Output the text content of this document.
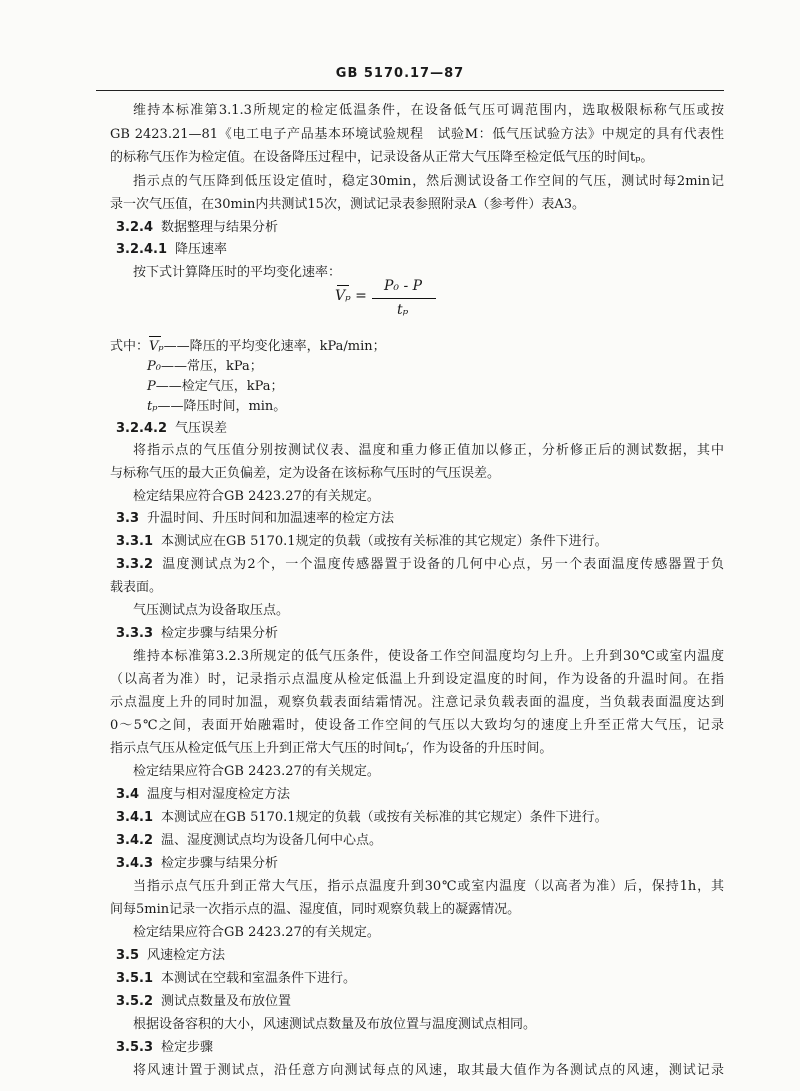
GB 5170.17—87
维持本标准第3.1.3所规定的检定低温条件，在设备低气压可调范围内，选取极限标称气压或按
GB 2423.21—81《电工电子产品基本环境试验规程　试验M：低气压试验方法》中规定的具有代表性
的标称气压作为检定值。在设备降压过程中，记录设备从正常大气压降至检定低气压的时间tₚ。
指示点的气压降到低压设定值时，稳定30min，然后测试设备工作空间的气压，测试时每2min记
录一次气压值，在30min内共测试15次，测试记录表参照附录A（参考件）表A3。
3.2.4 数据整理与结果分析
3.2.4.1 降压速率
按下式计算降压时的平均变化速率：
Vₚ =
P₀ - P
tₚ
式中：Vₚ——降压的平均变化速率，kPa/min；
P₀——常压，kPa；
P——检定气压，kPa；
tₚ——降压时间，min。
3.2.4.2 气压误差
将指示点的气压值分别按测试仪表、温度和重力修正值加以修正，分析修正后的测试数据，其中
与标称气压的最大正负偏差，定为设备在该标称气压时的气压误差。
检定结果应符合GB 2423.27的有关规定。
3.3 升温时间、升压时间和加温速率的检定方法
3.3.1 本测试应在GB 5170.1规定的负载（或按有关标准的其它规定）条件下进行。
3.3.2 温度测试点为2个，一个温度传感器置于设备的几何中心点，另一个表面温度传感器置于负
载表面。
气压测试点为设备取压点。
3.3.3 检定步骤与结果分析
维持本标准第3.2.3所规定的低气压条件，使设备工作空间温度均匀上升。上升到30℃或室内温度
（以高者为准）时，记录指示点温度从检定低温上升到设定温度的时间，作为设备的升温时间。在指
示点温度上升的同时加温，观察负载表面结霜情况。注意记录负载表面的温度，当负载表面温度达到
0～5℃之间，表面开始融霜时，使设备工作空间的气压以大致均匀的速度上升至正常大气压，记录
指示点气压从检定低气压上升到正常大气压的时间tₚ′，作为设备的升压时间。
检定结果应符合GB 2423.27的有关规定。
3.4 温度与相对湿度检定方法
3.4.1 本测试应在GB 5170.1规定的负载（或按有关标准的其它规定）条件下进行。
3.4.2 温、湿度测试点均为设备几何中心点。
3.4.3 检定步骤与结果分析
当指示点气压升到正常大气压，指示点温度升到30℃或室内温度（以高者为准）后，保持1h，其
间每5min记录一次指示点的温、湿度值，同时观察负载上的凝露情况。
检定结果应符合GB 2423.27的有关规定。
3.5 风速检定方法
3.5.1 本测试在空载和室温条件下进行。
3.5.2 测试点数量及布放位置
根据设备容积的大小，风速测试点数量及布放位置与温度测试点相同。
3.5.3 检定步骤
将风速计置于测试点，沿任意方向测试每点的风速，取其最大值作为各测试点的风速，测试记录
